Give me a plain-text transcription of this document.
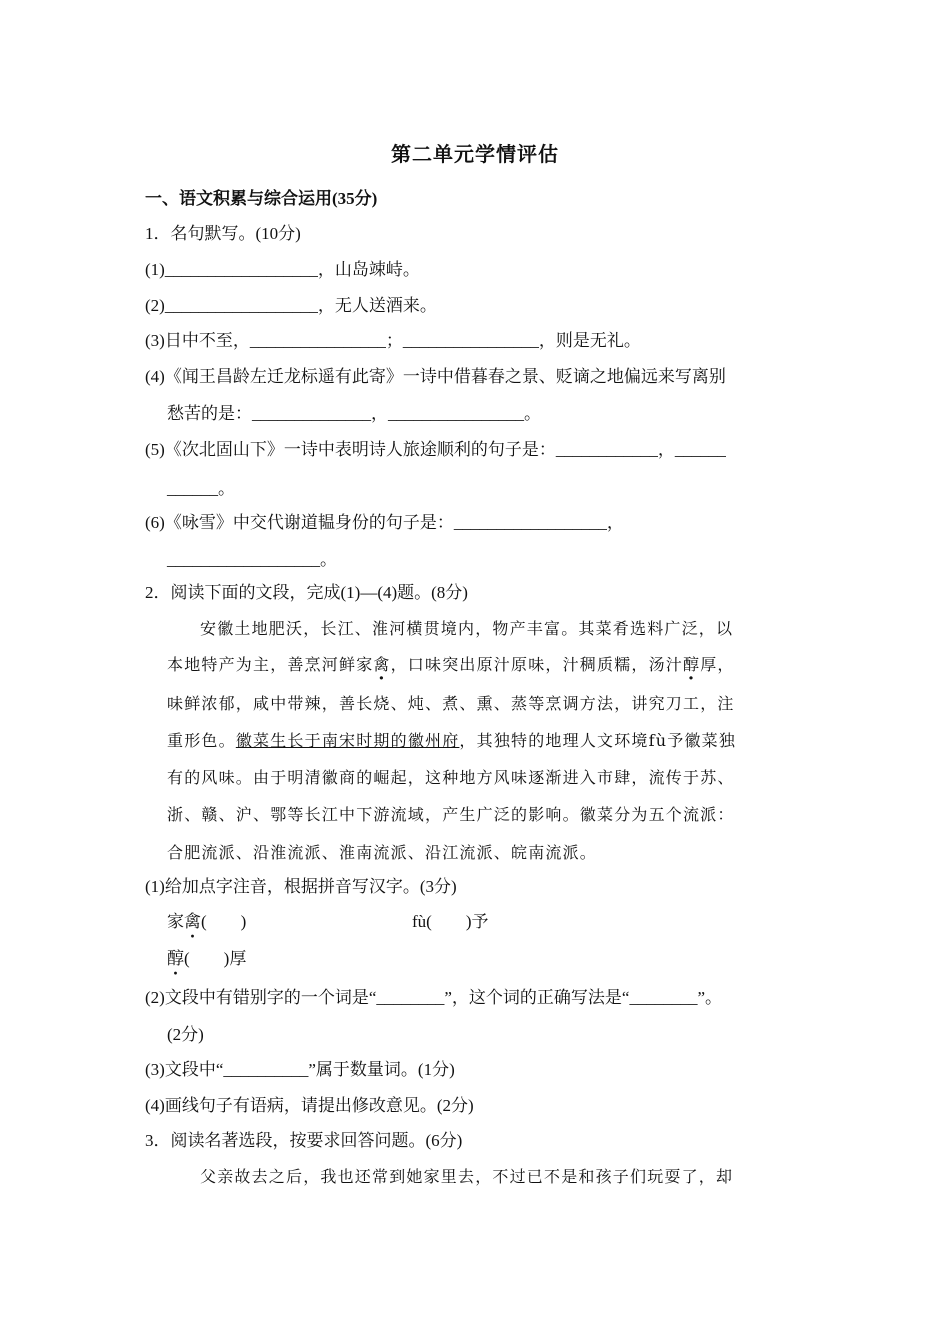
第二单元学情评估
一、语文积累与综合运用(35分)
1．名句默写。(10分)
(1)__________________，山岛竦峙。
(2)__________________，无人送酒来。
(3)日中不至，________________；________________，则是无礼。
(4)《闻王昌龄左迁龙标遥有此寄》一诗中借暮春之景、贬谪之地偏远来写离别
愁苦的是：______________，________________。
(5)《次北固山下》一诗中表明诗人旅途顺利的句子是：____________，______
______。
(6)《咏雪》中交代谢道韫身份的句子是：__________________，
__________________。
2．阅读下面的文段，完成(1)—(4)题。(8分)
安徽土地肥沃，长江、淮河横贯境内，物产丰富。其菜肴选料广泛，以
本地特产为主，善烹河鲜家禽，口味突出原汁原味，汁稠质糯，汤汁醇厚，
味鲜浓郁，咸中带辣，善长烧、炖、煮、熏、蒸等烹调方法，讲究刀工，注
重形色。徽菜生长于南宋时期的徽州府，其独特的地理人文环境fù予徽菜独
有的风味。由于明清徽商的崛起，这种地方风味逐渐进入市肆，流传于苏、
浙、赣、沪、鄂等长江中下游流域，产生广泛的影响。徽菜分为五个流派：
合肥流派、沿淮流派、淮南流派、沿江流派、皖南流派。
(1)给加点字注音，根据拼音写汉字。(3分)
家禽(　　)	fù(　　)予
醇(　　)厚
(2)文段中有错别字的一个词是“________”，这个词的正确写法是“________”。
(2分)
(3)文段中“__________”属于数量词。(1分)
(4)画线句子有语病，请提出修改意见。(2分)
3．阅读名著选段，按要求回答问题。(6分)
父亲故去之后，我也还常到她家里去，不过已不是和孩子们玩耍了，却
